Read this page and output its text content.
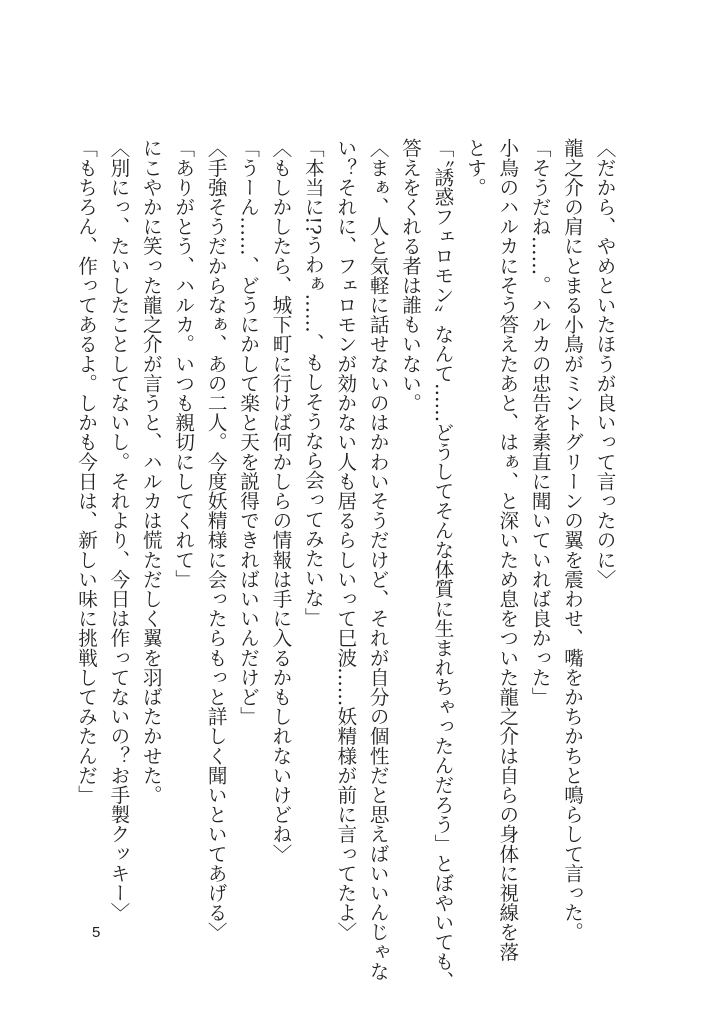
〈だから、やめといたほうが良いって言ったのに〉
龍之介の肩にとまる小鳥がミントグリーンの翼を震わせ、嘴をかちかちと鳴らして言った。
「そうだね……。ハルカの忠告を素直に聞いていれば良かった」
小鳥のハルカにそう答えたあと、はぁ、と深いため息をついた龍之介は自らの身体に視線を落
とす。
「〝誘惑フェロモン〟なんて……どうしてそんな体質に生まれちゃったんだろう」とぼやいても、
答えをくれる者は誰もいない。
〈まぁ、人と気軽に話せないのはかわいそうだけど、それが自分の個性だと思えばいいんじゃな
い？それに、フェロモンが効かない人も居るらしいって巳波……妖精様が前に言ってたよ〉
「本当に!?うわぁ……、もしそうなら会ってみたいな」
〈もしかしたら、城下町に行けば何かしらの情報は手に入るかもしれないけどね〉
「うーん……、どうにかして楽と天を説得できればいいんだけど」
〈手強そうだからなぁ、あの二人。今度妖精様に会ったらもっと詳しく聞いといてあげる〉
「ありがとう、ハルカ。いつも親切にしてくれて」
にこやかに笑った龍之介が言うと、ハルカは慌ただしく翼を羽ばたかせた。
〈別にっ、たいしたことしてないし。それより、今日は作ってないの？お手製クッキー〉
「もちろん、作ってあるよ。しかも今日は、新しい味に挑戦してみたんだ」
5
